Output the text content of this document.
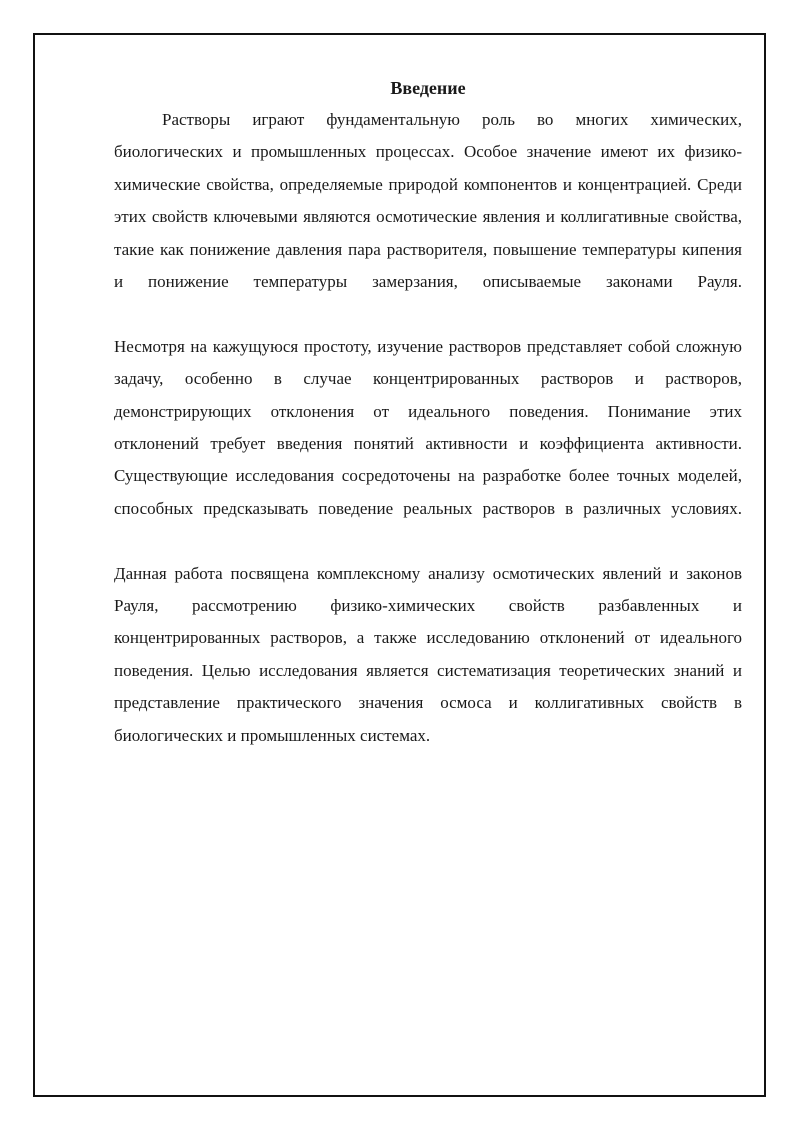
Введение

Растворы играют фундаментальную роль во многих химических, биологических и промышленных процессах. Особое значение имеют их физико-химические свойства, определяемые природой компонентов и концентрацией. Среди этих свойств ключевыми являются осмотические явления и коллигативные свойства, такие как понижение давления пара растворителя, повышение температуры кипения и понижение температуры замерзания, описываемые законами Рауля.

Несмотря на кажущуюся простоту, изучение растворов представляет собой сложную задачу, особенно в случае концентрированных растворов и растворов, демонстрирующих отклонения от идеального поведения. Понимание этих отклонений требует введения понятий активности и коэффициента активности. Существующие исследования сосредоточены на разработке более точных моделей, способных предсказывать поведение реальных растворов в различных условиях.

Данная работа посвящена комплексному анализу осмотических явлений и законов Рауля, рассмотрению физико-химических свойств разбавленных и концентрированных растворов, а также исследованию отклонений от идеального поведения. Целью исследования является систематизация теоретических знаний и представление практического значения осмоса и коллигативных свойств в биологических и промышленных системах.
